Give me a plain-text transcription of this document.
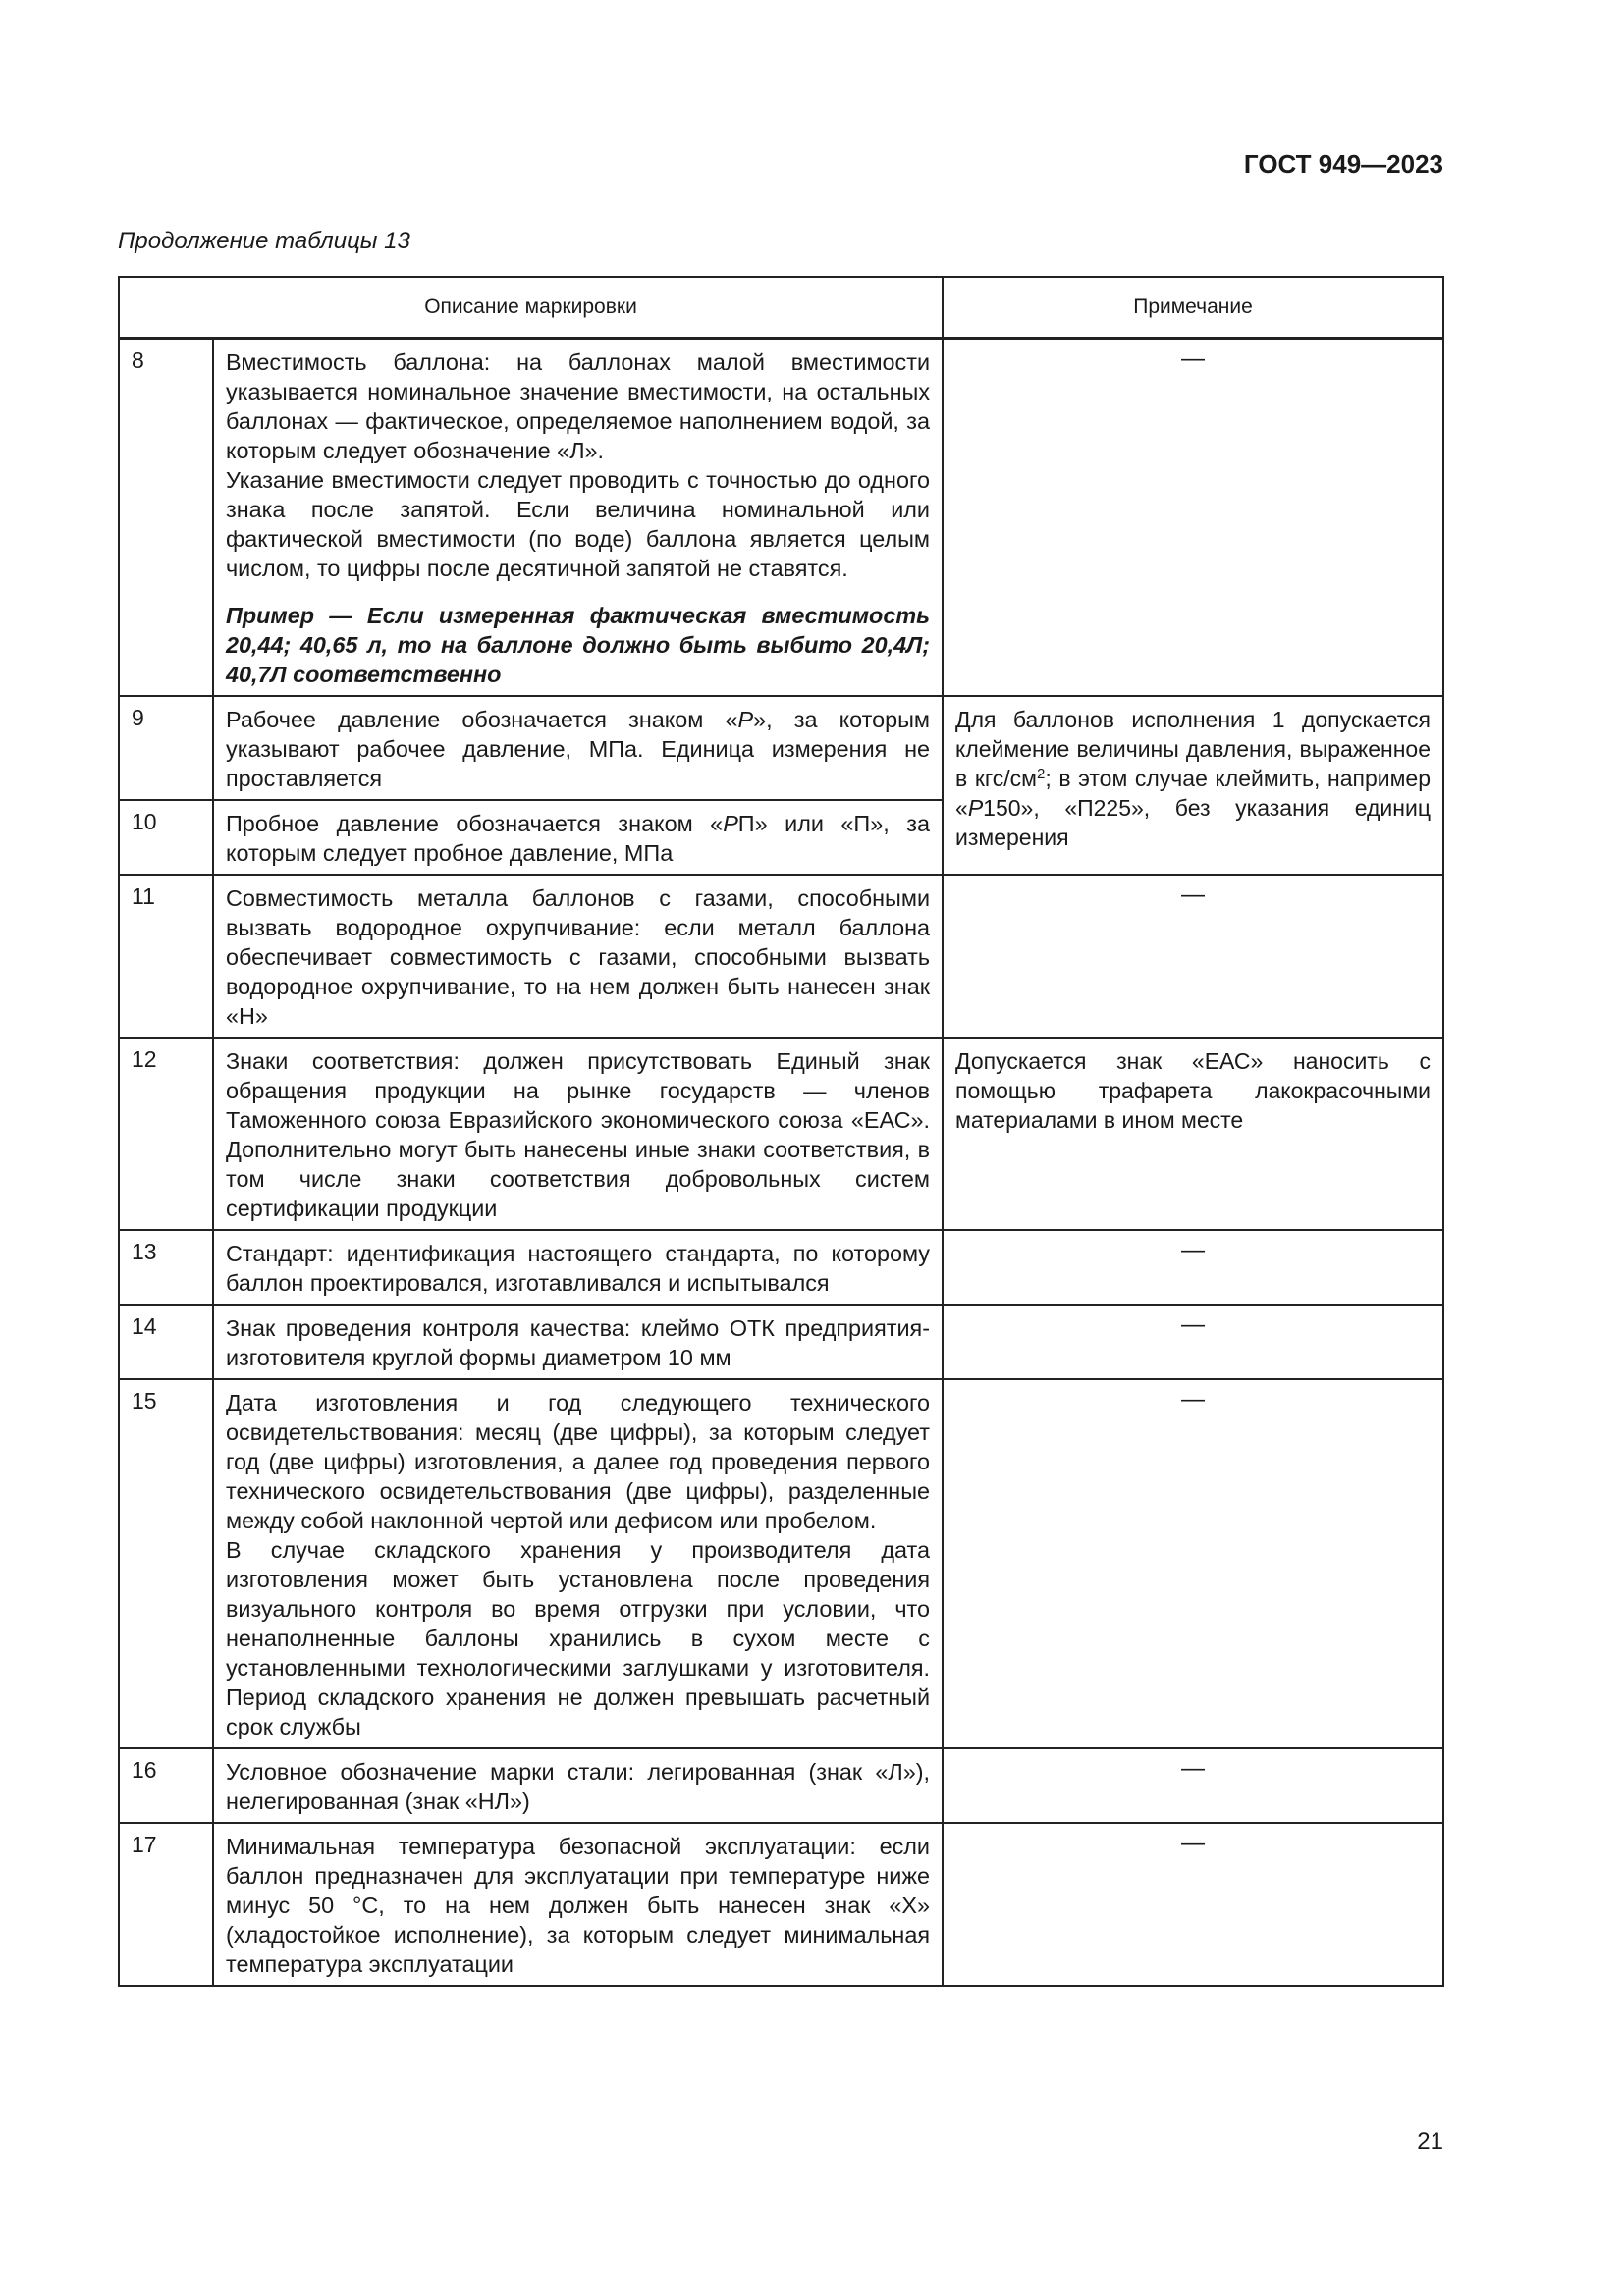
ГОСТ 949—2023
Продолжение таблицы 13
Описание маркировки		Примечание
8	Вместимость баллона: на баллонах малой вместимости указывается номинальное значение вместимости, на остальных баллонах — фактическое, определяемое наполнением водой, за которым следует обозначение «Л».

Указание вместимости следует проводить с точностью до одного знака после запятой. Если величина номинальной или фактической вместимости (по воде) баллона является целым числом, то цифры после десятичной запятой не ставятся.

Пример — Если измеренная фактическая вместимость 20,44; 40,65 л, то на баллоне должно быть выбито 20,4Л; 40,7Л соответственно	—
9	Рабочее давление обозначается знаком «Р», за которым указывают рабочее давление, МПа. Единица измерения не проставляется	Для баллонов исполнения 1 допускается клеймение величины давления, выраженное в кгс/$см^2$; в этом случае клеймить, например «Р150», «П225», без указания единиц измерения
10	Пробное давление обозначается знаком «РП» или «П», за которым следует пробное давление, МПа	
11	Совместимость металла баллонов с газами, способными вызвать водородное охрупчивание: если металл баллона обеспечивает совместимость с газами, способными вызвать водородное охрупчивание, то на нем должен быть нанесен знак «Н»	—
12	Знаки соответствия: должен присутствовать Единый знак обращения продукции на рынке государств — членов Таможенного союза Евразийского экономического союза «ЕАС». Дополнительно могут быть нанесены иные знаки соответствия, в том числе знаки соответствия добровольных систем сертификации продукции	Допускается знак «ЕАС» наносить с помощью трафарета лакокрасочными материалами в ином месте
13	Стандарт: идентификация настоящего стандарта, по которому баллон проектировался, изготавливался и испытывался	—
14	Знак проведения контроля качества: клеймо ОТК предприятия-изготовителя круглой формы диаметром 10 мм	—
15	Дата изготовления и год следующего технического освидетельствования: месяц (две цифры), за которым следует год (две цифры) изготовления, а далее год проведения первого технического освидетельствования (две цифры), разделенные между собой наклонной чертой или дефисом или пробелом.

В случае складского хранения у производителя дата изготовления может быть установлена после проведения визуального контроля во время отгрузки при условии, что ненаполненные баллоны хранились в сухом месте с установленными технологическими заглушками у изготовителя. Период складского хранения не должен превышать расчетный срок службы	—
16	Условное обозначение марки стали: легированная (знак «Л»), нелегированная (знак «НЛ»)	—
17	Минимальная температура безопасной эксплуатации: если баллон предназначен для эксплуатации при температуре ниже минус 50 °С, то на нем должен быть нанесен знак «Х» (хладостойкое исполнение), за которым следует минимальная температура эксплуатации	—
21
